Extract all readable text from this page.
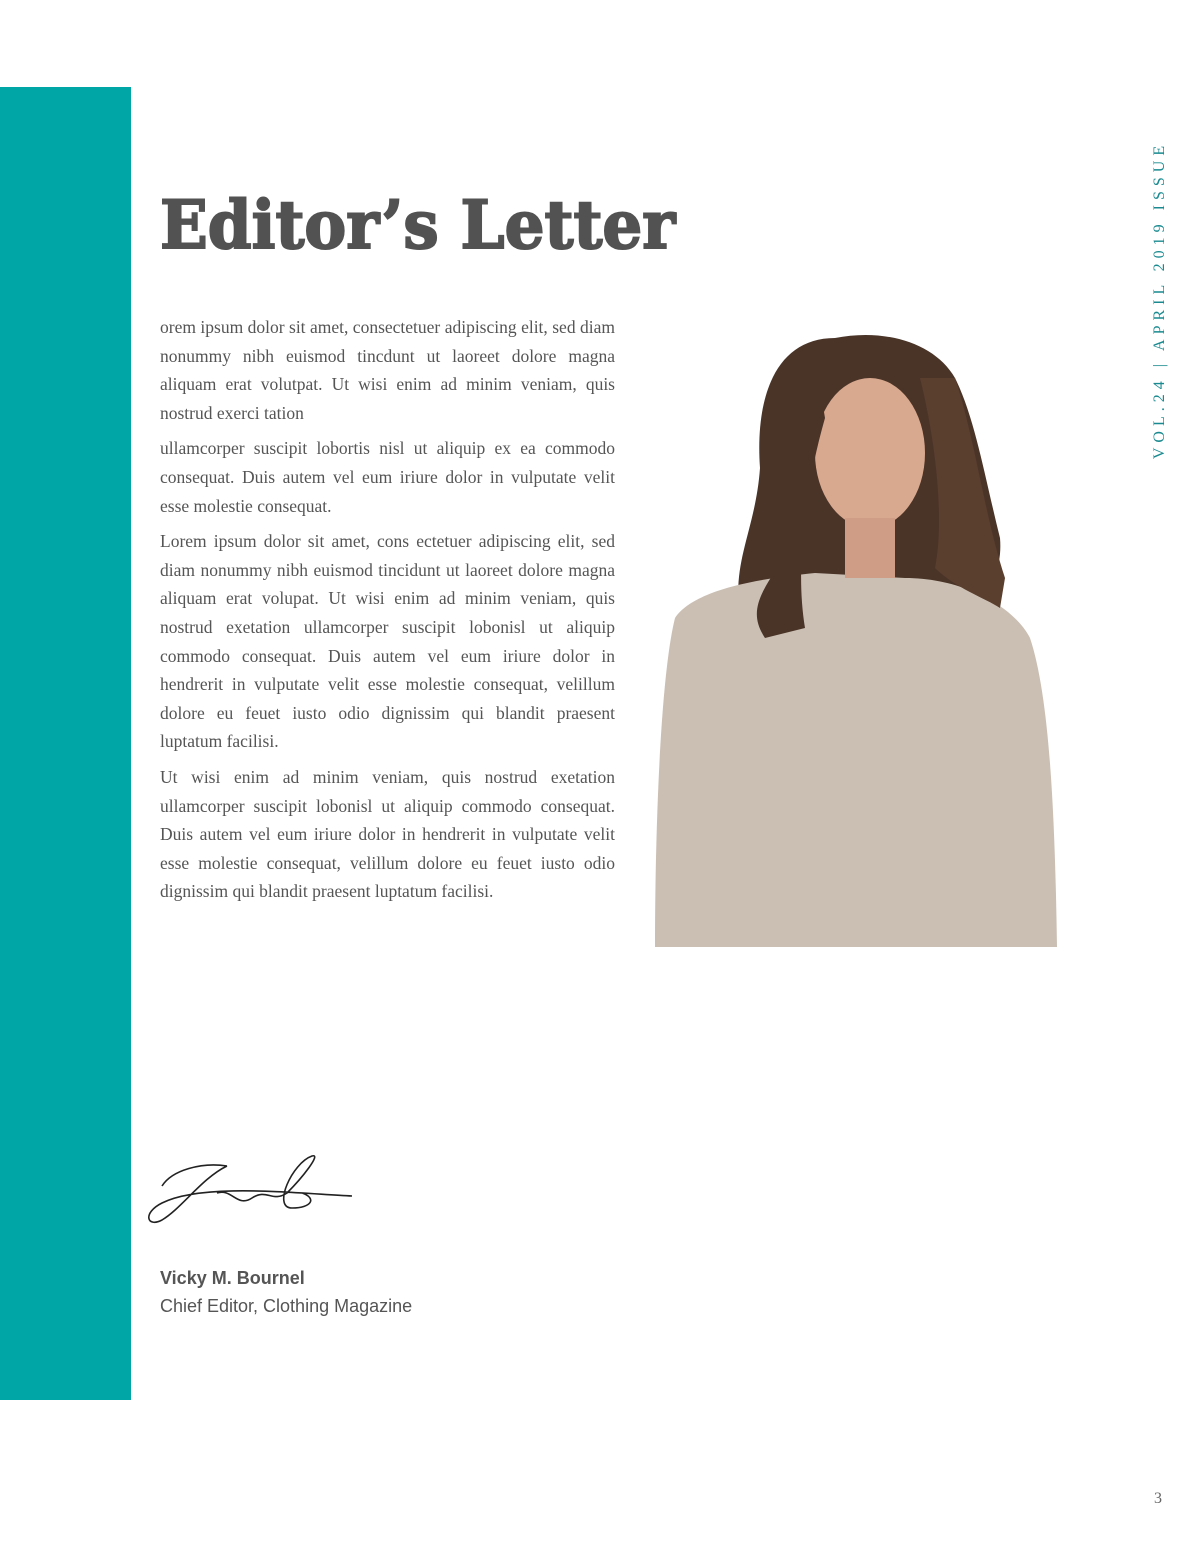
Editor’s Letter	VOL.24 | APRIL 2019 ISSUE

orem ipsum dolor sit amet, consectetuer adipiscing elit, sed diam nonummy nibh euismod tincdunt ut laoreet dolore magna aliquam erat volutpat. Ut wisi enim ad minim veniam, quis nostrud exerci tation

ullamcorper suscipit lobortis nisl ut aliquip ex ea commodo consequat. Duis autem vel eum iriure dolor in vulputate velit esse molestie consequat.

Lorem ipsum dolor sit amet, cons ectetuer adipiscing elit, sed diam nonummy nibh euismod tincidunt ut laoreet dolore magna aliquam erat volupat. Ut wisi enim ad minim veniam, quis nostrud exetation ullamcorper suscipit lobonisl ut aliquip commodo consequat. Duis autem vel eum iriure dolor in hendrerit in vulputate velit esse molestie consequat, velillum dolore eu feuet iusto odio dignissim qui blandit praesent luptatum facilisi.

Ut wisi enim ad minim veniam, quis nostrud exetation ullamcorper suscipit lobonisl ut aliquip commodo consequat. Duis autem vel eum iriure dolor in hendrerit in vulputate velit esse molestie consequat, velillum dolore eu feuet iusto odio dignissim qui blandit praesent luptatum facilisi.

Vicky M. Bournel
Chief Editor, Clothing Magazine
3
